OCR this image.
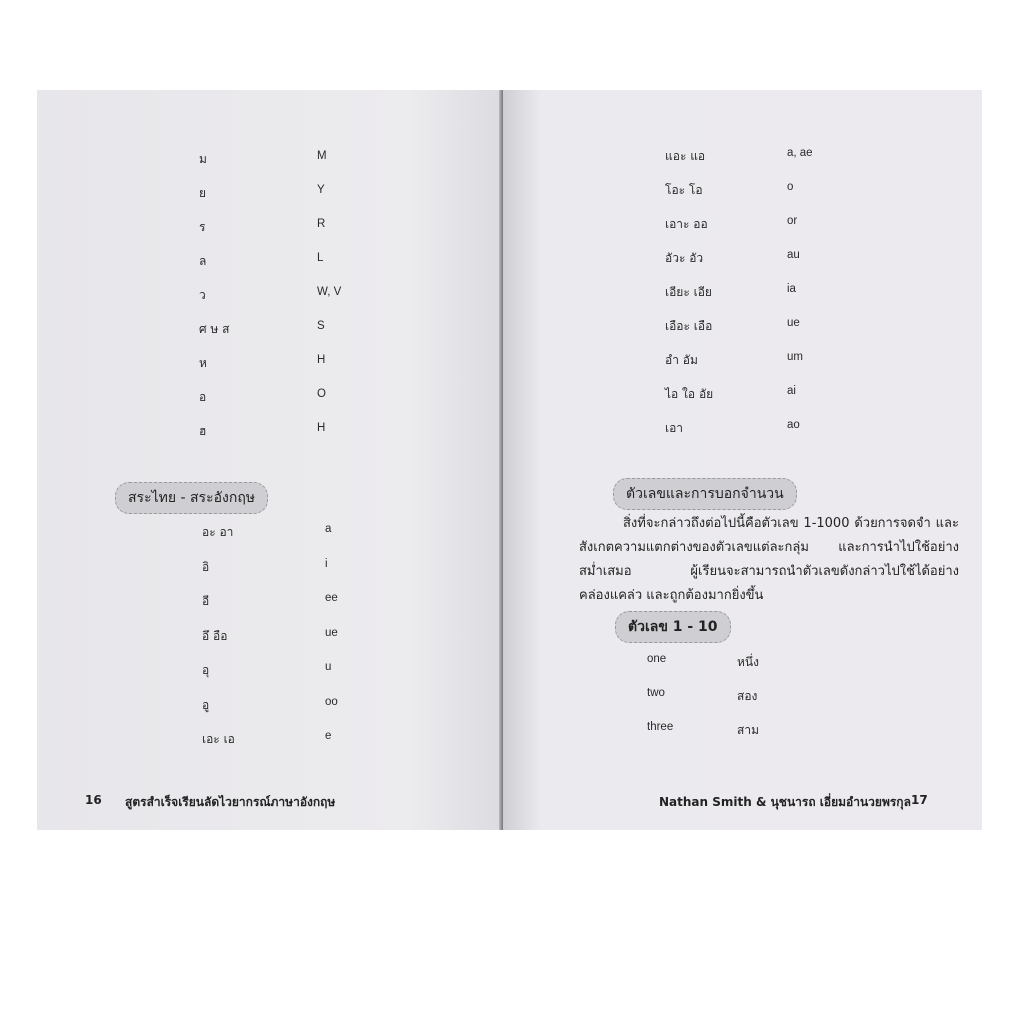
ม	M
ย	Y
ร	R
ล	L
ว	W, V
ศ ษ ส	S
ห	H
อ	O
ฮ	H
สระไทย - สระอังกฤษ
อะ อา	a
อิ	i
อี	ee
อึ อือ	ue
อุ	u
อู	oo
เอะ เอ	e
16 สูตรสำเร็จเรียนลัดไวยากรณ์ภาษาอังกฤษ
แอะ แอ	a, ae
โอะ โอ	o
เอาะ ออ	or
อัวะ อัว	au
เอียะ เอีย	ia
เอือะ เอือ	ue
อำ อัม	um
ไอ ใอ อัย	ai
เอา	ao
ตัวเลขและการบอกจำนวน
สิ่งที่จะกล่าวถึงต่อไปนี้คือตัวเลข 1-1000 ด้วยการจดจำ และสังเกตความแตกต่างของตัวเลขแต่ละกลุ่ม และการนำไปใช้อย่างสม่ำเสมอ ผู้เรียนจะสามารถนำตัวเลขดังกล่าวไปใช้ได้อย่างคล่องแคล่ว และถูกต้องมากยิ่งขึ้น
ตัวเลข 1 - 10
one	หนึ่ง
two	สอง
three	สาม
Nathan Smith & นุชนารถ เอี่ยมอำนวยพรกุล 17
